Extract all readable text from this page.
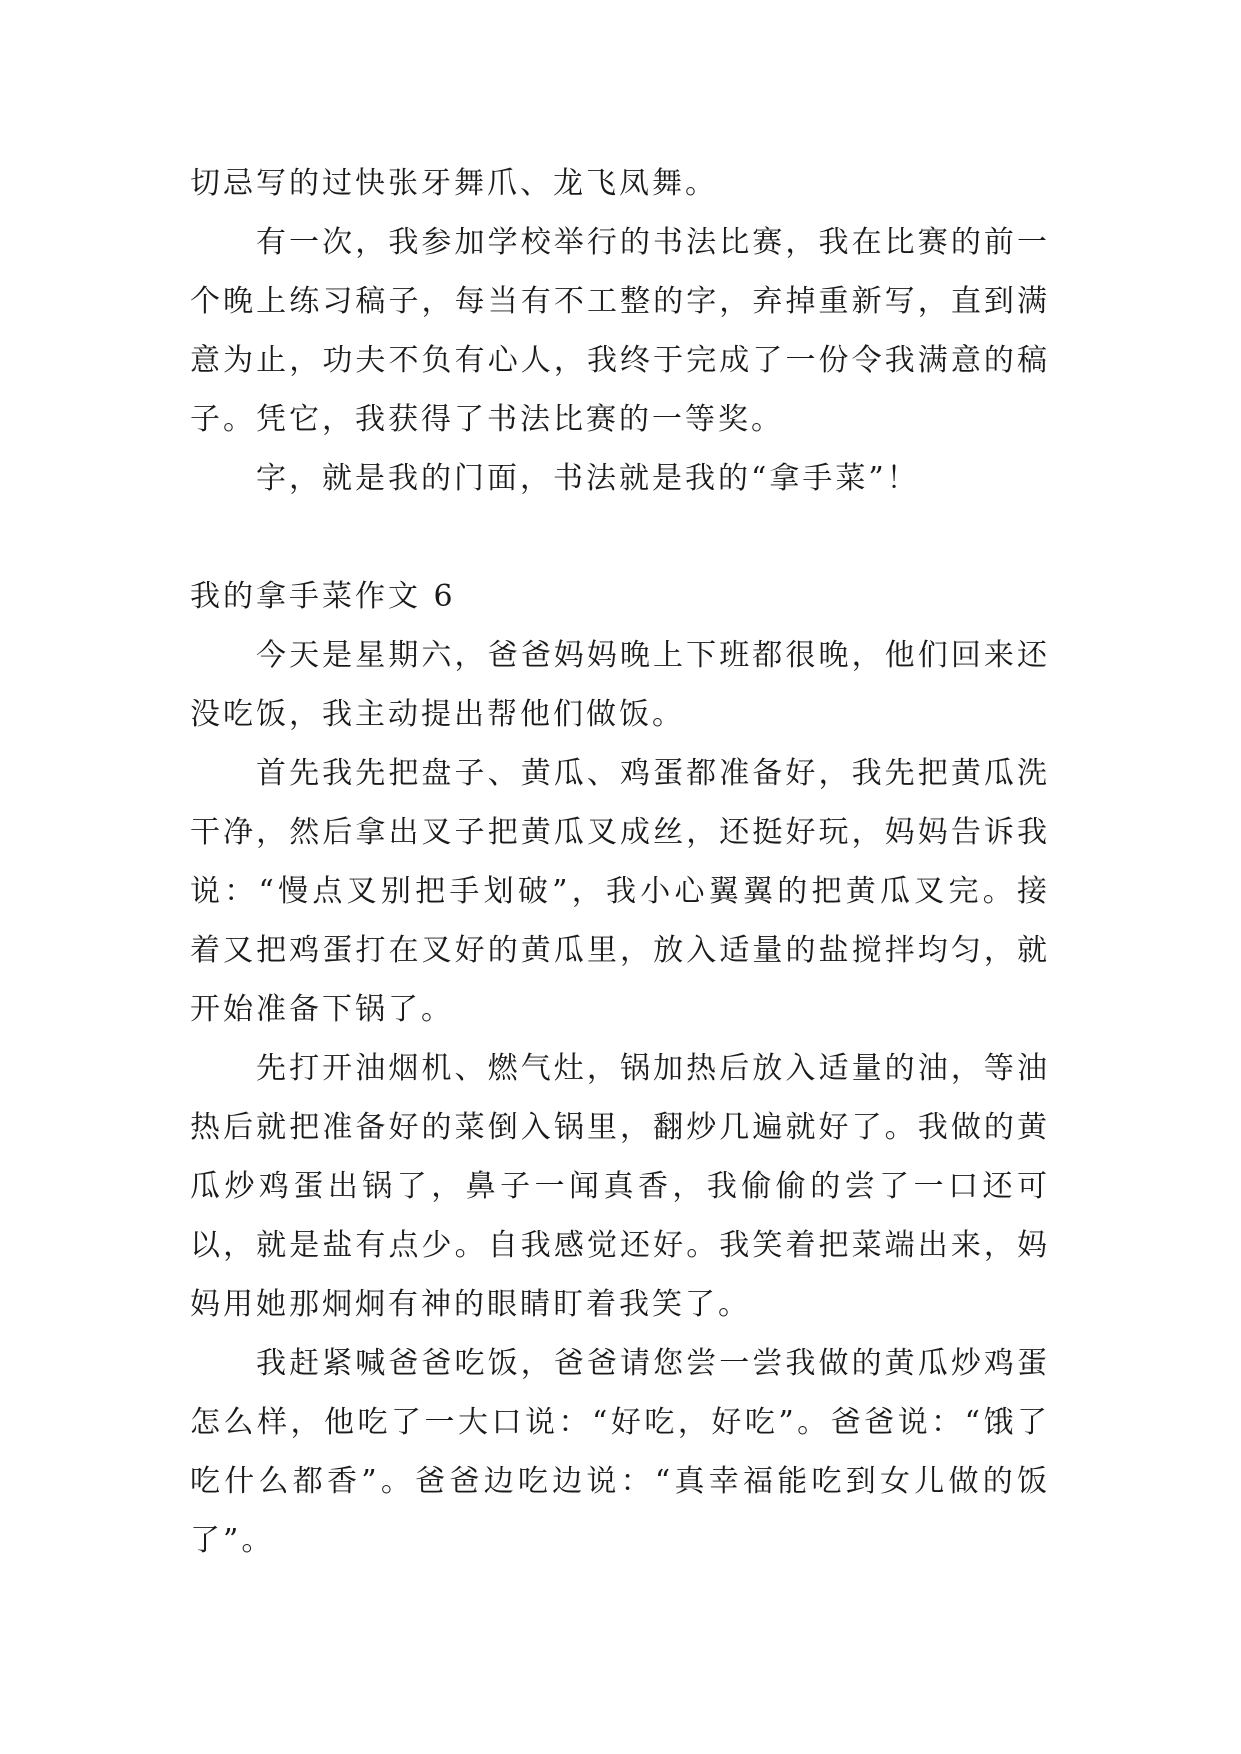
切忌写的过快张牙舞爪、龙飞凤舞。

有一次，我参加学校举行的书法比赛，我在比赛的前一个晚上练习稿子，每当有不工整的字，弃掉重新写，直到满意为止，功夫不负有心人，我终于完成了一份令我满意的稿子。凭它，我获得了书法比赛的一等奖。

字，就是我的门面，书法就是我的“拿手菜”！

我的拿手菜作文 6

今天是星期六，爸爸妈妈晚上下班都很晚，他们回来还没吃饭，我主动提出帮他们做饭。

首先我先把盘子、黄瓜、鸡蛋都准备好，我先把黄瓜洗干净，然后拿出叉子把黄瓜叉成丝，还挺好玩，妈妈告诉我说：“慢点叉别把手划破”，我小心翼翼的把黄瓜叉完。接着又把鸡蛋打在叉好的黄瓜里，放入适量的盐搅拌均匀，就开始准备下锅了。

先打开油烟机、燃气灶，锅加热后放入适量的油，等油热后就把准备好的菜倒入锅里，翻炒几遍就好了。我做的黄瓜炒鸡蛋出锅了，鼻子一闻真香，我偷偷的尝了一口还可以，就是盐有点少。自我感觉还好。我笑着把菜端出来，妈妈用她那炯炯有神的眼睛盯着我笑了。

我赶紧喊爸爸吃饭，爸爸请您尝一尝我做的黄瓜炒鸡蛋怎么样，他吃了一大口说：“好吃，好吃”。爸爸说：“饿了吃什么都香”。爸爸边吃边说：“真幸福能吃到女儿做的饭了”。
